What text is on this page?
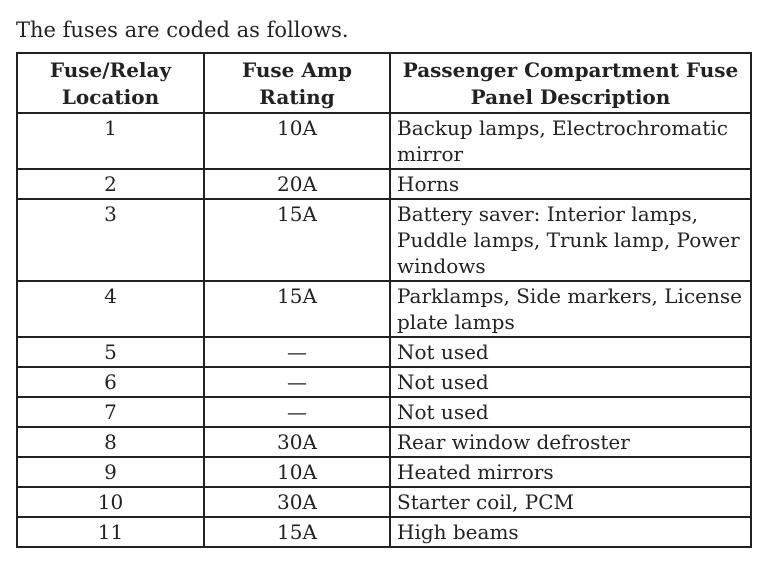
The fuses are coded as follows.
Fuse/Relay Location	Fuse Amp Rating	Passenger Compartment Fuse Panel Description
1	10A	Backup lamps, Electrochromatic mirror
2	20A	Horns
3	15A	Battery saver: Interior lamps, Puddle lamps, Trunk lamp, Power windows
4	15A	Parklamps, Side markers, License plate lamps
5	—	Not used
6	—	Not used
7	—	Not used
8	30A	Rear window defroster
9	10A	Heated mirrors
10	30A	Starter coil, PCM
11	15A	High beams
